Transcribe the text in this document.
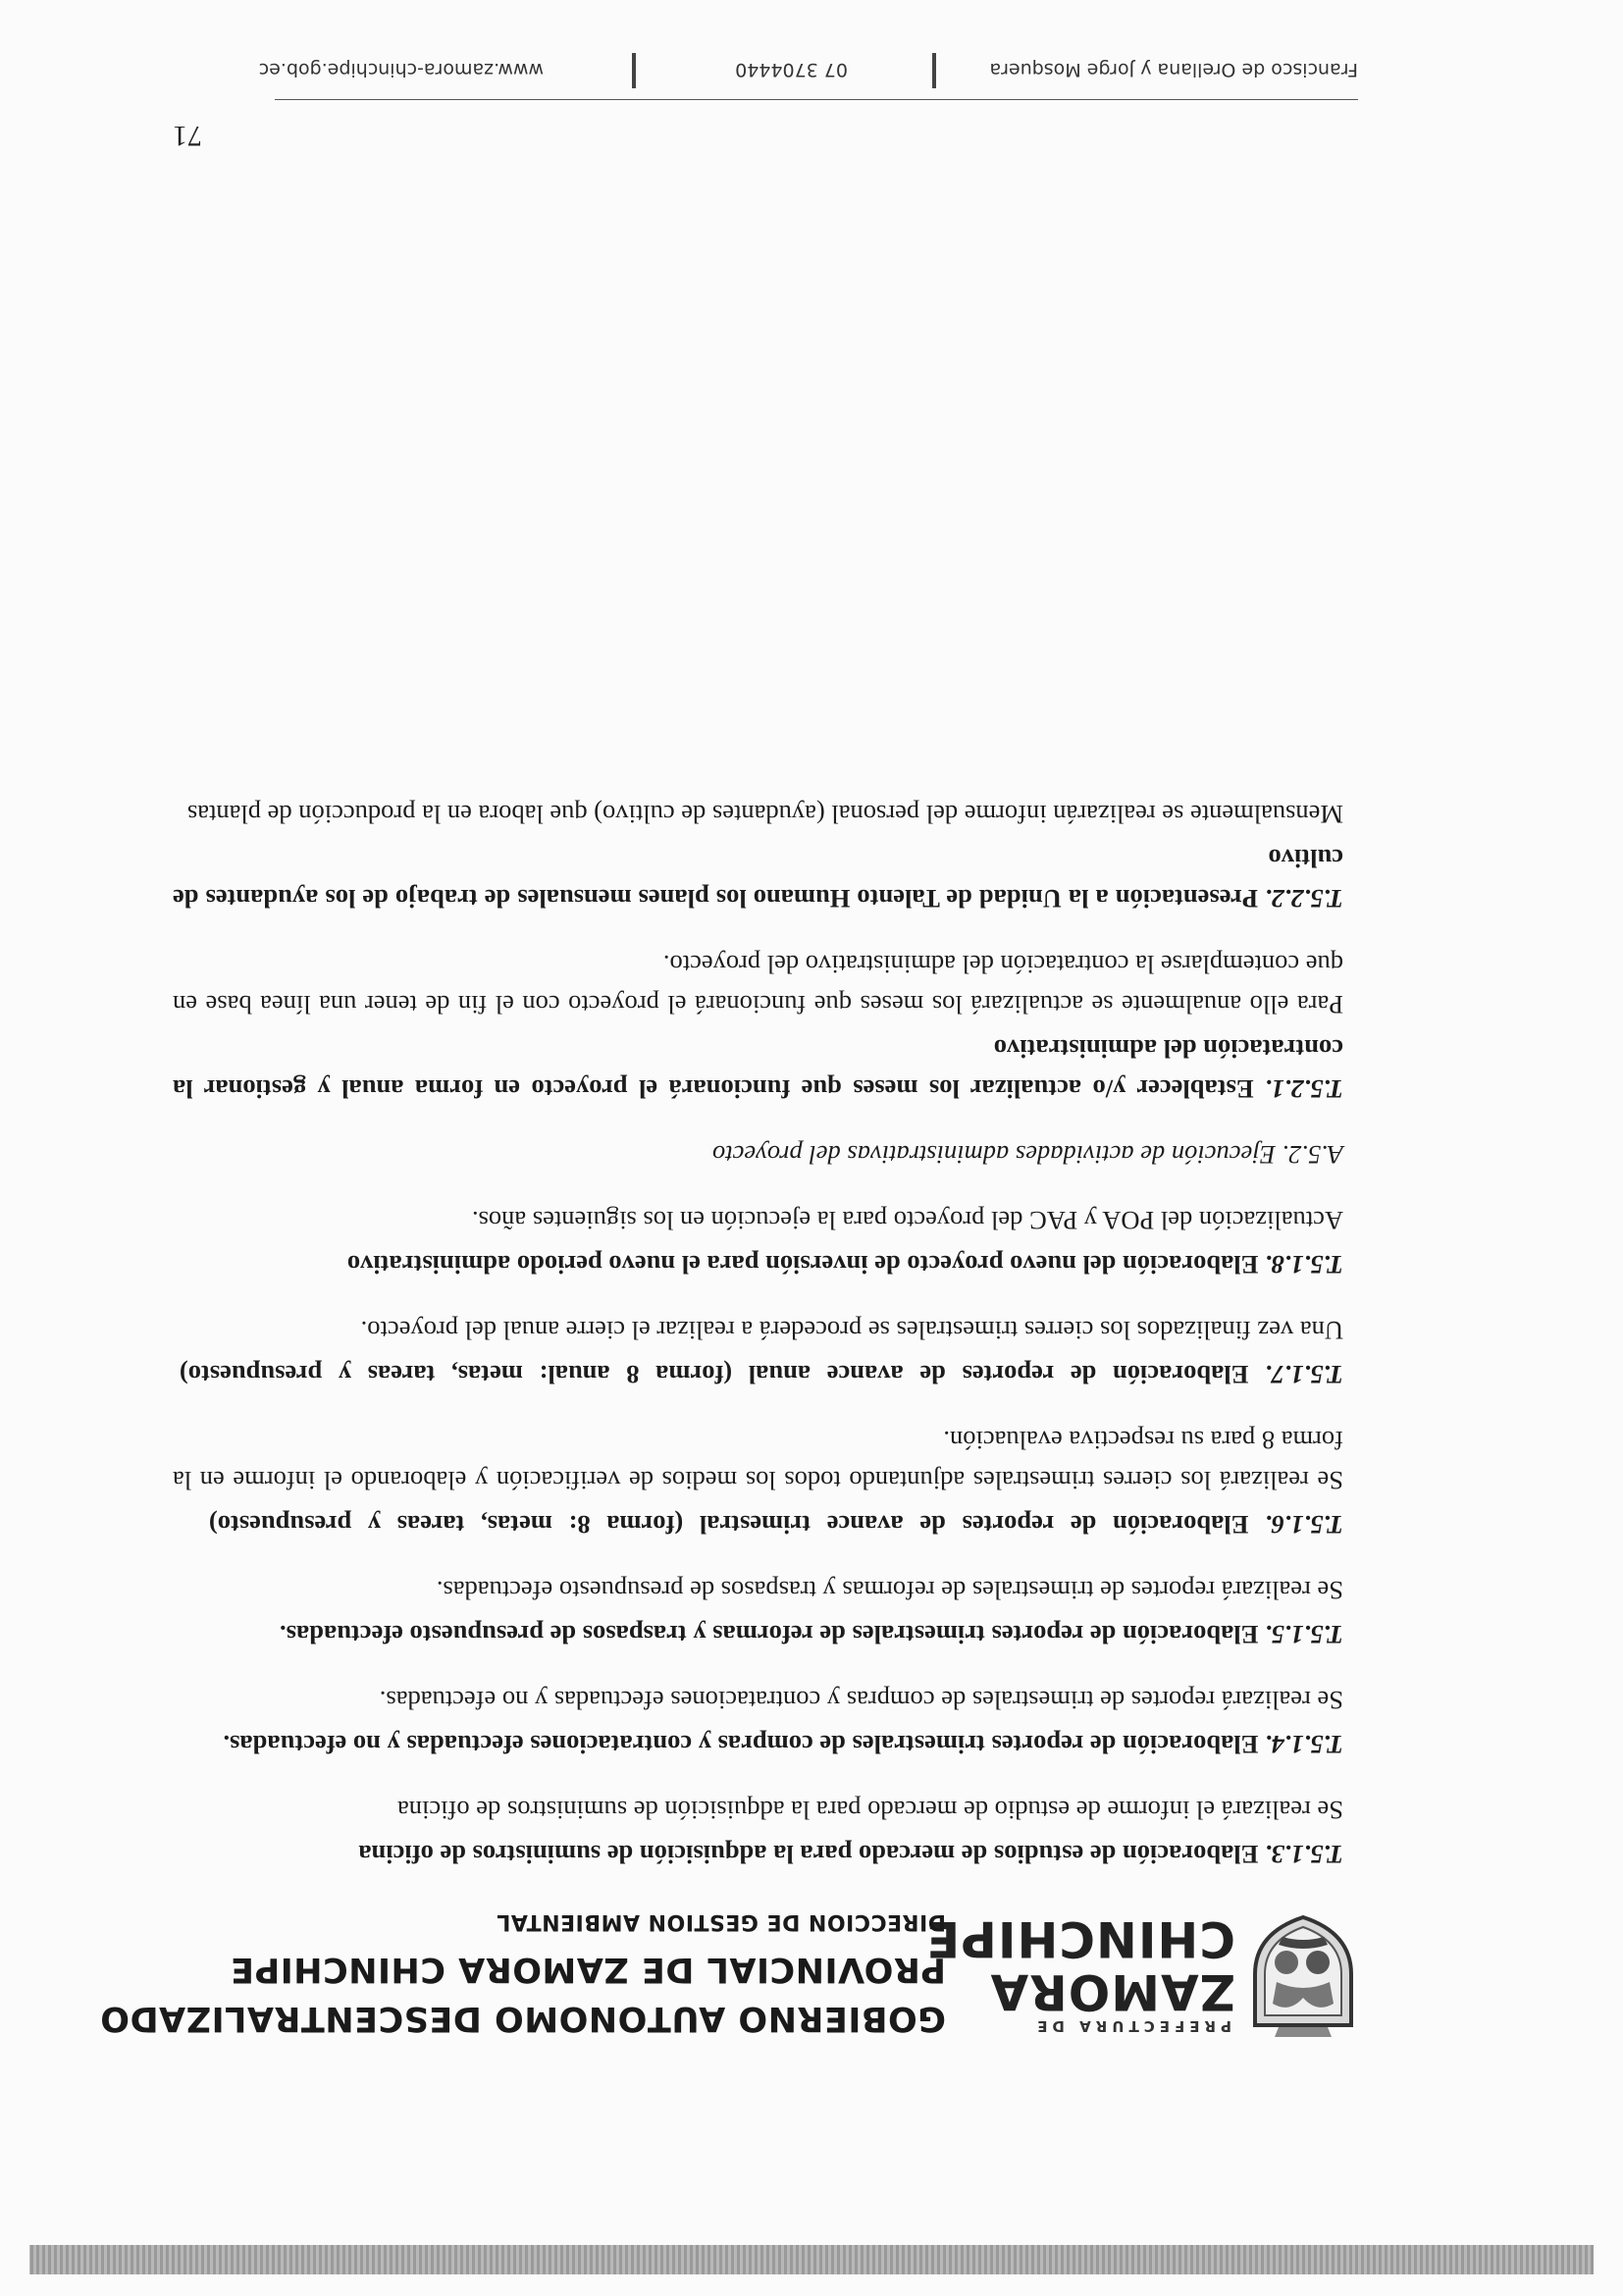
PREFECTURA DE
ZAMORA
CHINCHIPE
GOBIERNO AUTONOMO DESCENTRALIZADO
PROVINCIAL DE ZAMORA CHINCHIPE
DIRECCION DE GESTION AMBIENTAL
T.5.1.3. Elaboración de estudios de mercado para la adquisición de suministros de oficina

Se realizará el informe de estudio de mercado para la adquisición de suministros de oficina

T.5.1.4. Elaboración de reportes trimestrales de compras y contrataciones efectuadas y no efectuadas.

Se realizará reportes de trimestrales de compras y contrataciones efectuadas y no efectuadas.

T.5.1.5. Elaboración de reportes trimestrales de reformas y traspasos de presupuesto efectuadas.

Se realizará reportes de trimestrales de reformas y traspasos de presupuesto efectuadas.

T.5.1.6. Elaboración de reportes de avance trimestral (forma 8: metas, tareas y presupuesto)

Se realizará los cierres trimestrales adjuntando todos los medios de verificación y elaborando el informe en la forma 8 para su respectiva evaluación.

T.5.1.7. Elaboración de reportes de avance anual (forma 8 anual: metas, tareas y presupuesto)

Una vez finalizados los cierres trimestrales se procederá a realizar el cierre anual del proyecto.

T.5.1.8. Elaboración del nuevo proyecto de inversión para el nuevo periodo administrativo

Actualización del POA y PAC del proyecto para la ejecución en los siguientes años.

A.5.2. Ejecución de actividades administrativas del proyecto

T.5.2.1. Establecer y/o actualizar los meses que funcionará el proyecto en forma anual y gestionar la contratación del administrativo

Para ello anualmente se actualizará los meses que funcionará el proyecto con el fin de tener una línea base en que contemplarse la contratación del administrativo del proyecto.

T.5.2.2. Presentación a la Unidad de Talento Humano los planes mensuales de trabajo de los ayudantes de cultivo

Mensualmente se realizarán informe del personal (ayudantes de cultivo) que labora en la producción de plantas

71
Francisco de Orellana y Jorge Mosquera
07 3704440
www.zamora-chinchipe.gob.ec
